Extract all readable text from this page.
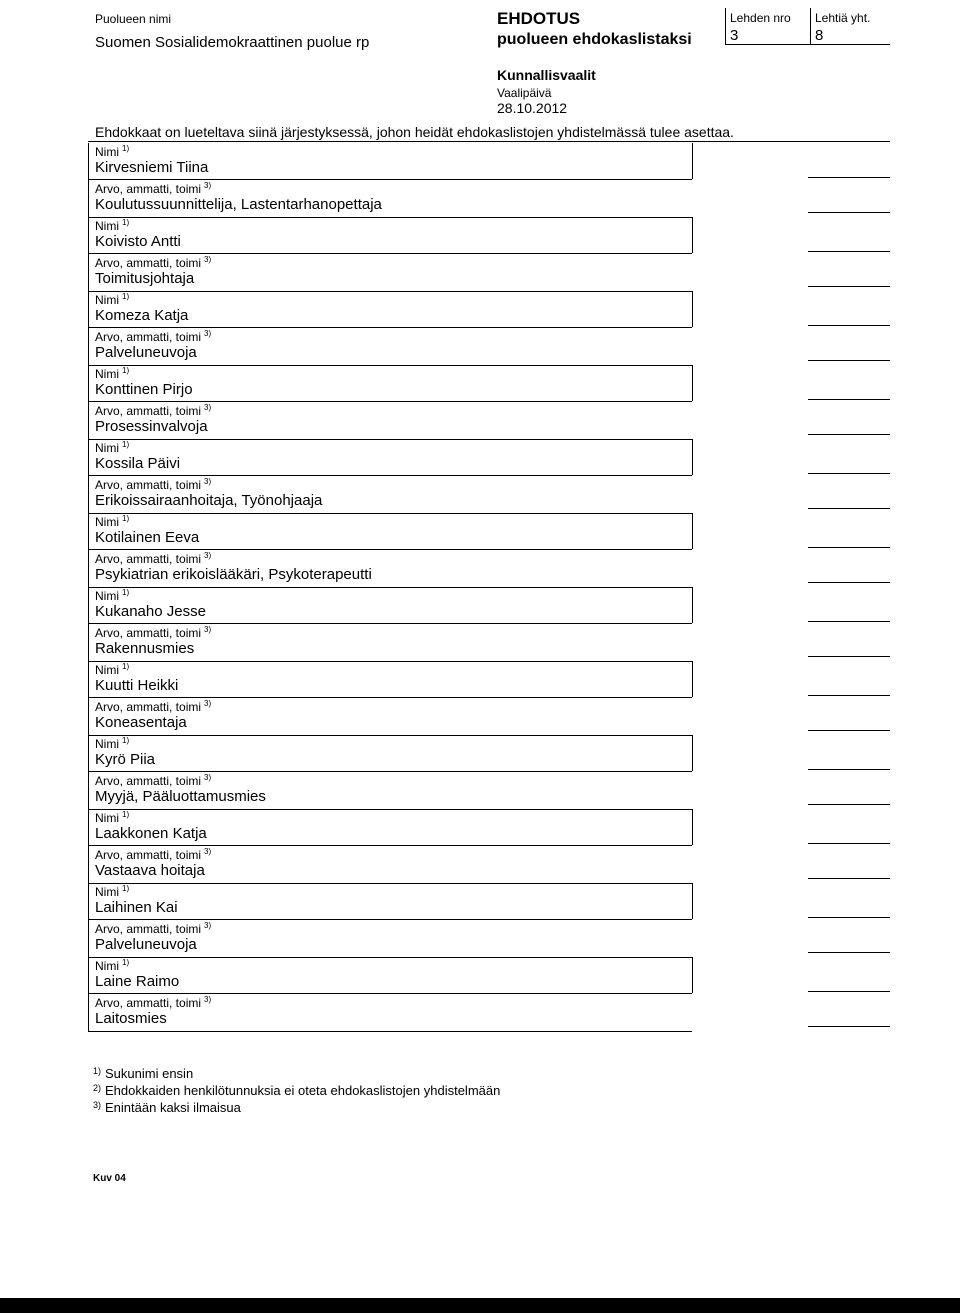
Puolueen nimi
Suomen Sosialidemokraattinen puolue rp
EHDOTUS
puolueen ehdokaslistaksi
Lehden nro
3
Lehtiä yht.
8
Kunnallisvaalit
Vaalipäivä
28.10.2012
Ehdokkaat on lueteltava siinä järjestyksessä, johon heidät ehdokaslistojen yhdistelmässä tulee asettaa.
Nimi $^{1)}$
Kirvesniemi Tiina
Arvo, ammatti, toimi $^{3)}$
Koulutussuunnittelija, Lastentarhanopettaja
Nimi $^{1)}$
Koivisto Antti
Arvo, ammatti, toimi $^{3)}$
Toimitusjohtaja
Nimi $^{1)}$
Komeza Katja
Arvo, ammatti, toimi $^{3)}$
Palveluneuvoja
Nimi $^{1)}$
Konttinen Pirjo
Arvo, ammatti, toimi $^{3)}$
Prosessinvalvoja
Nimi $^{1)}$
Kossila Päivi
Arvo, ammatti, toimi $^{3)}$
Erikoissairaanhoitaja, Työnohjaaja
Nimi $^{1)}$
Kotilainen Eeva
Arvo, ammatti, toimi $^{3)}$
Psykiatrian erikoislääkäri, Psykoterapeutti
Nimi $^{1)}$
Kukanaho Jesse
Arvo, ammatti, toimi $^{3)}$
Rakennusmies
Nimi $^{1)}$
Kuutti Heikki
Arvo, ammatti, toimi $^{3)}$
Koneasentaja
Nimi $^{1)}$
Kyrö Piia
Arvo, ammatti, toimi $^{3)}$
Myyjä, Pääluottamusmies
Nimi $^{1)}$
Laakkonen Katja
Arvo, ammatti, toimi $^{3)}$
Vastaava hoitaja
Nimi $^{1)}$
Laihinen Kai
Arvo, ammatti, toimi $^{3)}$
Palveluneuvoja
Nimi $^{1)}$
Laine Raimo
Arvo, ammatti, toimi $^{3)}$
Laitosmies
$^{1)}$ Sukunimi ensin
$^{2)}$ Ehdokkaiden henkilötunnuksia ei oteta ehdokaslistojen yhdistelmään
$^{3)}$ Enintään kaksi ilmaisua
Kuv 04
